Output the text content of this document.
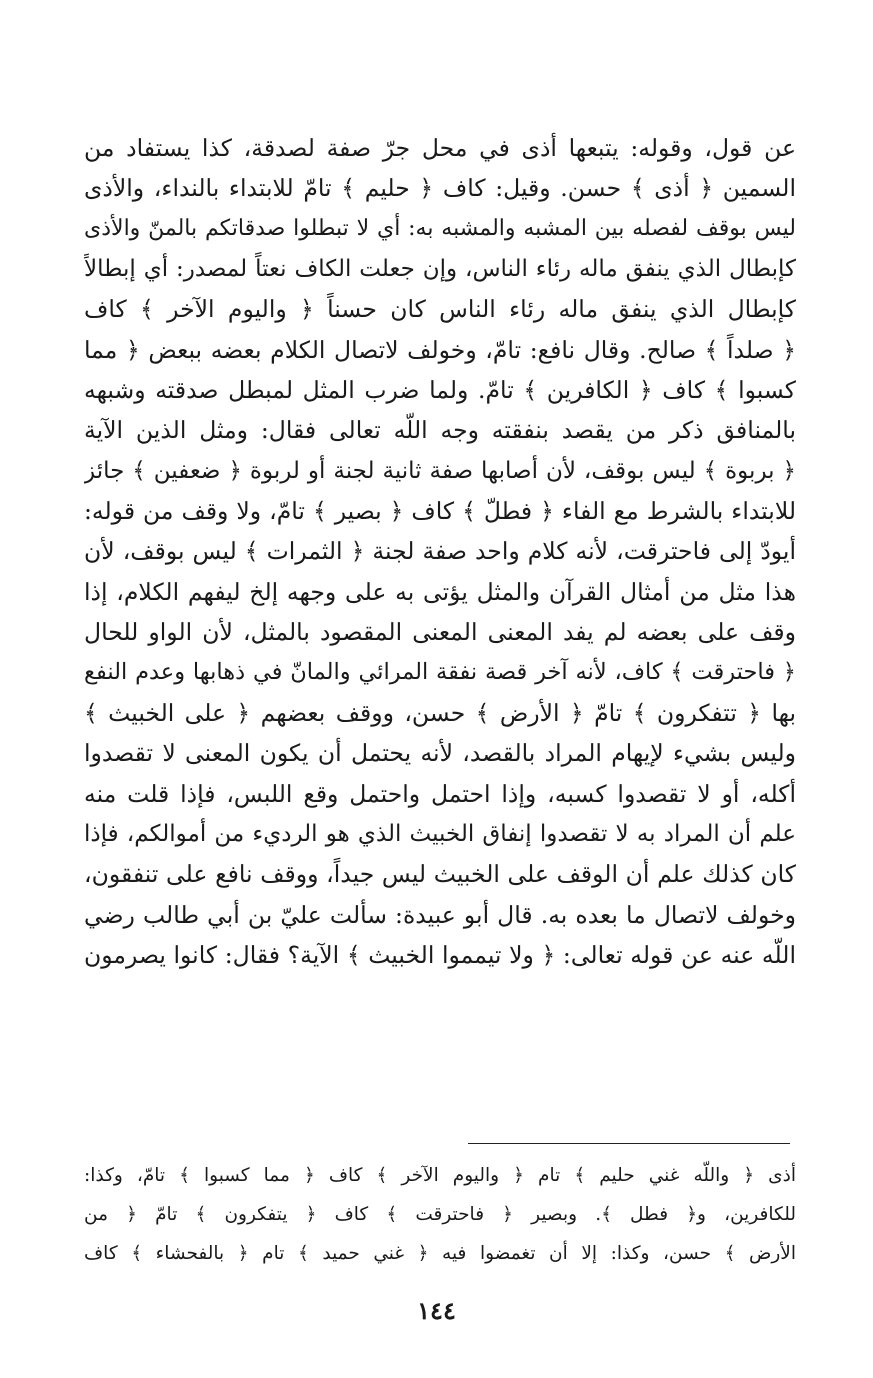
عن قول، وقوله: يتبعها أذى في محل جرّ صفة لصدقة، كذا يستفاد من
السمين ﴿ أذى ﴾ حسن. وقيل: كاف ﴿ حليم ﴾ تامّ للابتداء بالنداء، والأذى
ليس بوقف لفصله بين المشبه والمشبه به: أي لا تبطلوا صدقاتكم بالمنّ والأذى
كإبطال الذي ينفق ماله رئاء الناس، وإن جعلت الكاف نعتاً لمصدر: أي إبطالاً
كإبطال الذي ينفق ماله رئاء الناس كان حسناً ﴿ واليوم الآخر ﴾ كاف
﴿ صلداً ﴾ صالح. وقال نافع: تامّ، وخولف لاتصال الكلام بعضه ببعض ﴿ مما
كسبوا ﴾ كاف ﴿ الكافرين ﴾ تامّ. ولما ضرب المثل لمبطل صدقته وشبهه
بالمنافق ذكر من يقصد بنفقته وجه اللّه تعالى فقال: ومثل الذين الآية
﴿ بربوة ﴾ ليس بوقف، لأن أصابها صفة ثانية لجنة أو لربوة ﴿ ضعفين ﴾ جائز
للابتداء بالشرط مع الفاء ﴿ فطلّ ﴾ كاف ﴿ بصير ﴾ تامّ، ولا وقف من قوله:
أيودّ إلى فاحترقت، لأنه كلام واحد صفة لجنة ﴿ الثمرات ﴾ ليس بوقف، لأن
هذا مثل من أمثال القرآن والمثل يؤتى به على وجهه إلخ ليفهم الكلام، إذا
وقف على بعضه لم يفد المعنى المعنى المقصود بالمثل، لأن الواو للحال
﴿ فاحترقت ﴾ كاف، لأنه آخر قصة نفقة المرائي والمانّ في ذهابها وعدم النفع
بها ﴿ تتفكرون ﴾ تامّ ﴿ الأرض ﴾ حسن، ووقف بعضهم ﴿ على الخبيث ﴾
وليس بشيء لإيهام المراد بالقصد، لأنه يحتمل أن يكون المعنى لا تقصدوا
أكله، أو لا تقصدوا كسبه، وإذا احتمل واحتمل وقع اللبس، فإذا قلت منه
علم أن المراد به لا تقصدوا إنفاق الخبيث الذي هو الرديء من أموالكم، فإذا
كان كذلك علم أن الوقف على الخبيث ليس جيداً، ووقف نافع على تنفقون،
وخولف لاتصال ما بعده به. قال أبو عبيدة: سألت عليّ بن أبي طالب رضي
اللّه عنه عن قوله تعالى: ﴿ ولا تيمموا الخبيث ﴾ الآية؟ فقال: كانوا يصرمون
أذى ﴿ واللّه غني حليم ﴾ تام ﴿ واليوم الآخر ﴾ كاف ﴿ مما كسبوا ﴾ تامّ، وكذا:
للكافرين، و﴿ فطل ﴾. وبصير ﴿ فاحترقت ﴾ كاف ﴿ يتفكرون ﴾ تامّ ﴿ من
الأرض ﴾ حسن، وكذا: إلا أن تغمضوا فيه ﴿ غني حميد ﴾ تام ﴿ بالفحشاء ﴾ كاف
١٤٤
